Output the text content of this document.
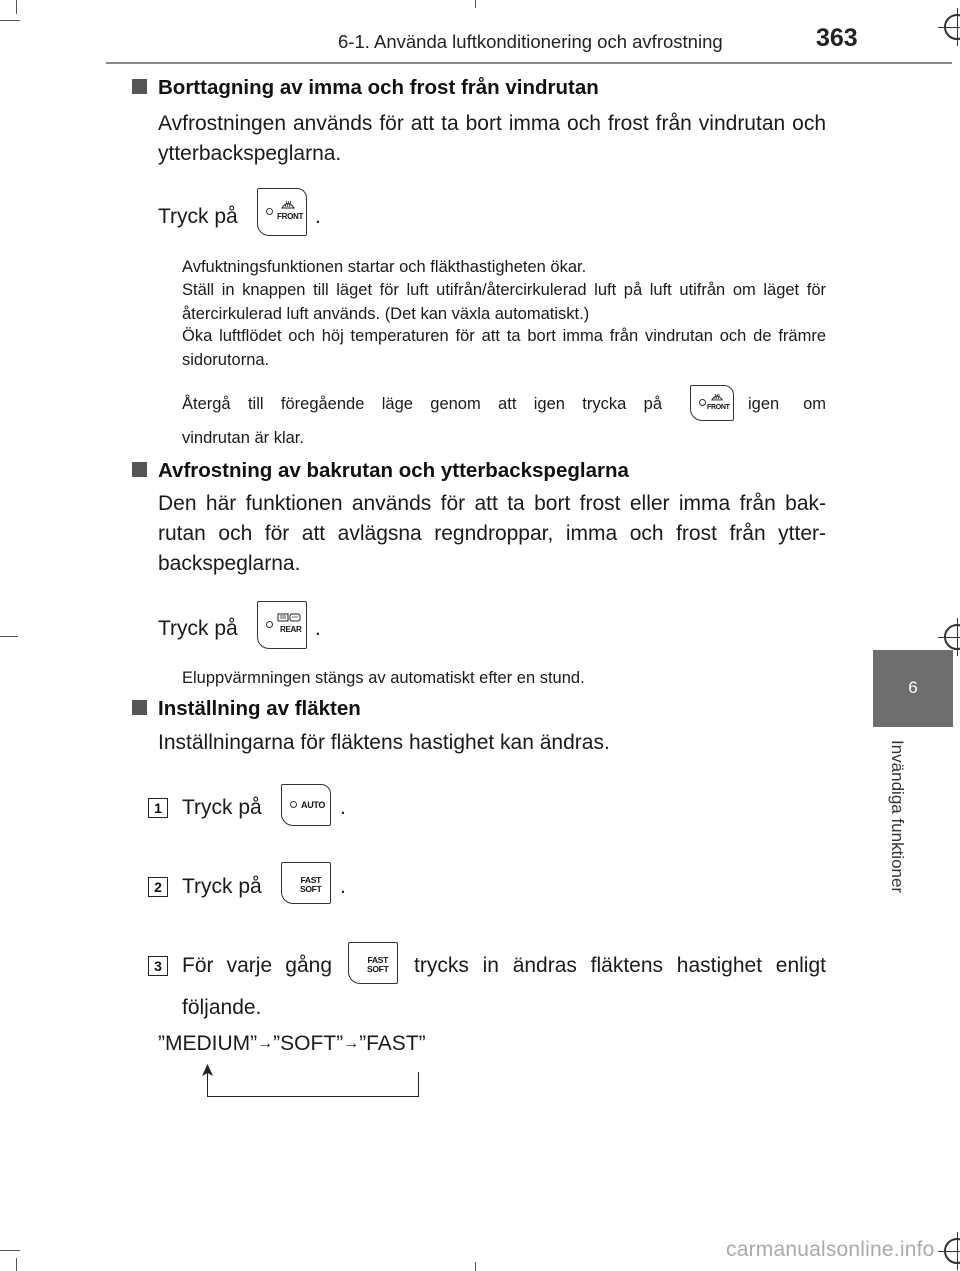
6-1. Använda luftkonditionering och avfrostning	363
6
Invändiga funktioner
Borttagning av imma och frost från vindrutan
Avfrostningen används för att ta bort imma och frost från vindrutan och ytterbackspeglarna.
Tryck på	FRONT .
Avfuktningsfunktionen startar och fläkthastigheten ökar.
Ställ in knappen till läget för luft utifrån/återcirkulerad luft på luft utifrån om läget för återcirkulerad luft används. (Det kan växla automatiskt.)
Öka luftflödet och höj temperaturen för att ta bort imma från vindrutan och de främre sidorutorna.
Återgå till föregående läge genom att igen trycka på	FRONT igen om
vindrutan är klar.
Avfrostning av bakrutan och ytterbackspeglarna
Den här funktionen används för att ta bort frost eller imma från bak-rutan och för att avlägsna regndroppar, imma och frost från ytter-backspeglarna.
Tryck på	REAR .
Eluppvärmningen stängs av automatiskt efter en stund.
Inställning av fläkten
Inställningarna för fläktens hastighet kan ändras.
1 Tryck på	AUTO .
2 Tryck på	FAST
SOFT .
3 För varje gång	FAST
SOFT trycks in ändras fläktens hastighet enligt
följande.
”MEDIUM”→”SOFT”→”FAST”
carmanualsonline.info
